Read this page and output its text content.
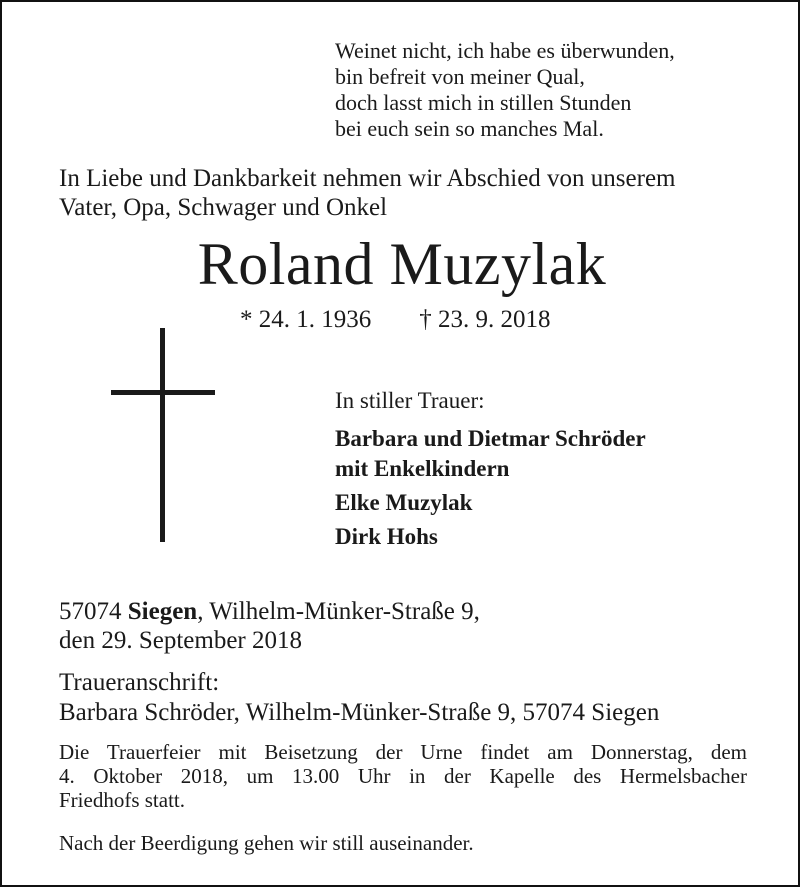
Weinet nicht, ich habe es überwunden,
bin befreit von meiner Qual,
doch lasst mich in stillen Stunden
bei euch sein so manches Mal.
In Liebe und Dankbarkeit nehmen wir Abschied von unserem
Vater, Opa, Schwager und Onkel
Roland Muzylak
* 24. 1. 1936 † 23. 9. 2018
In stiller Trauer:
Barbara und Dietmar Schröder
mit Enkelkindern
Elke Muzylak
Dirk Hohs
57074 Siegen, Wilhelm-Münker-Straße 9,
den 29. September 2018
Traueranschrift:
Barbara Schröder, Wilhelm-Münker-Straße 9, 57074 Siegen
Die Trauerfeier mit Beisetzung der Urne findet am Donnerstag, dem
4. Oktober 2018, um 13.00 Uhr in der Kapelle des Hermelsbacher
Friedhofs statt.
Nach der Beerdigung gehen wir still auseinander.
